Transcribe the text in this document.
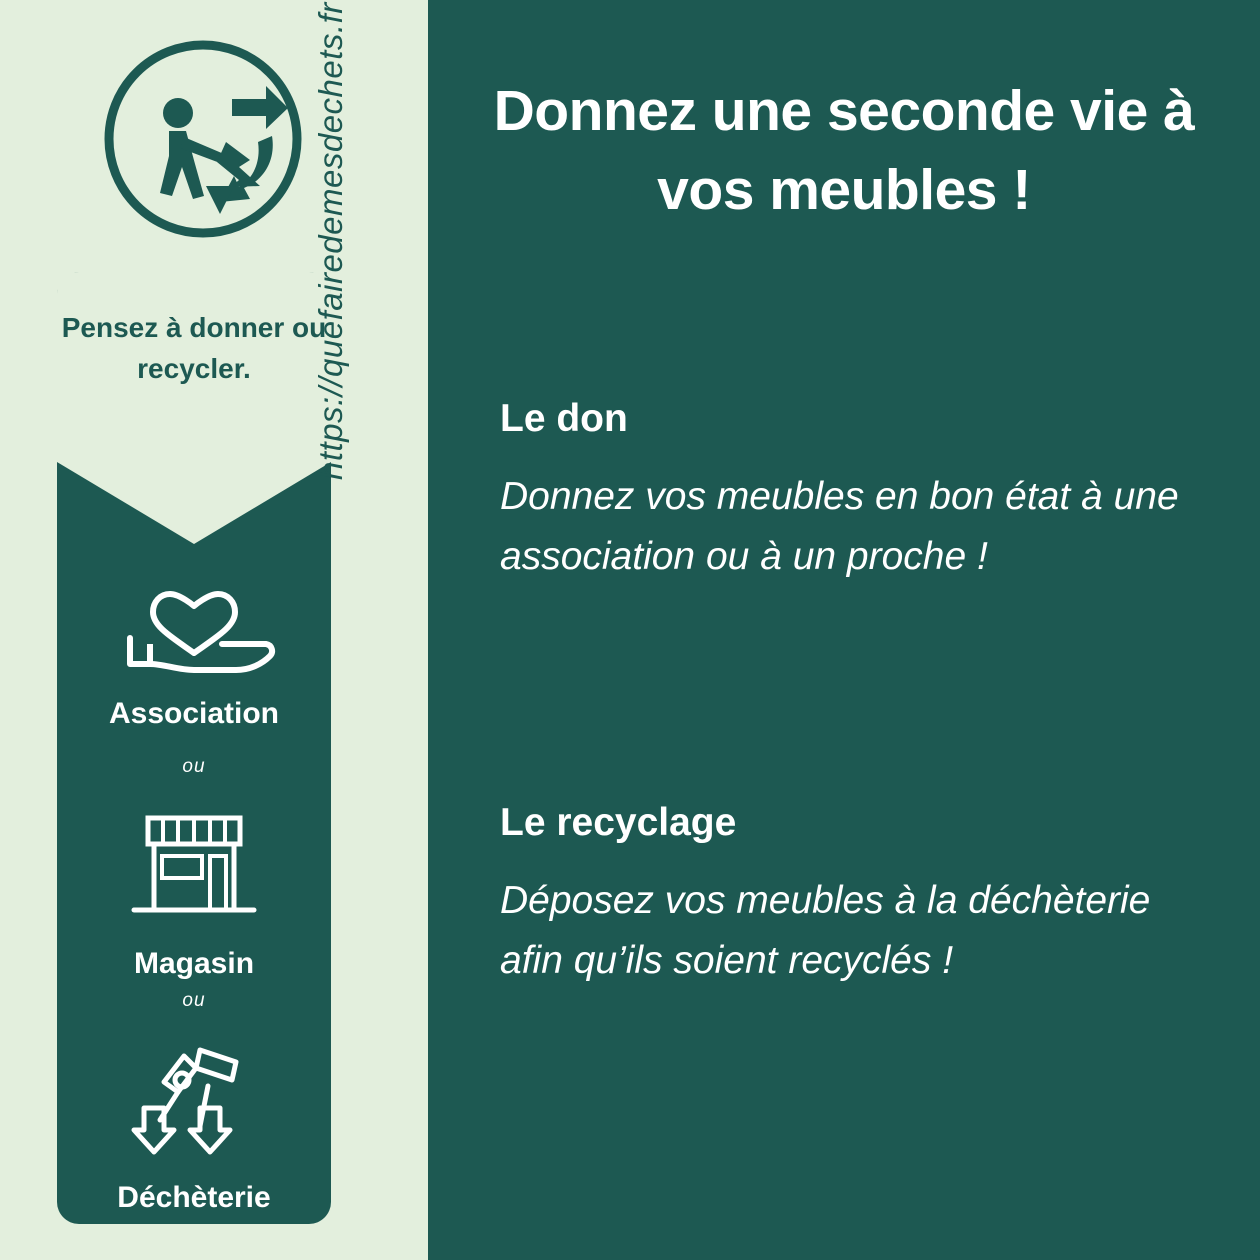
Pensez à donner ou recycler.
Association
ou
Magasin
ou
Déchèterie
https://quefairedemesdechets.fr	Donnez une seconde vie à vos meubles !

Le don

Donnez vos meubles en bon état à une association ou à un proche !

Le recyclage

Déposez vos meubles à la déchèterie afin qu’ils soient recyclés !
